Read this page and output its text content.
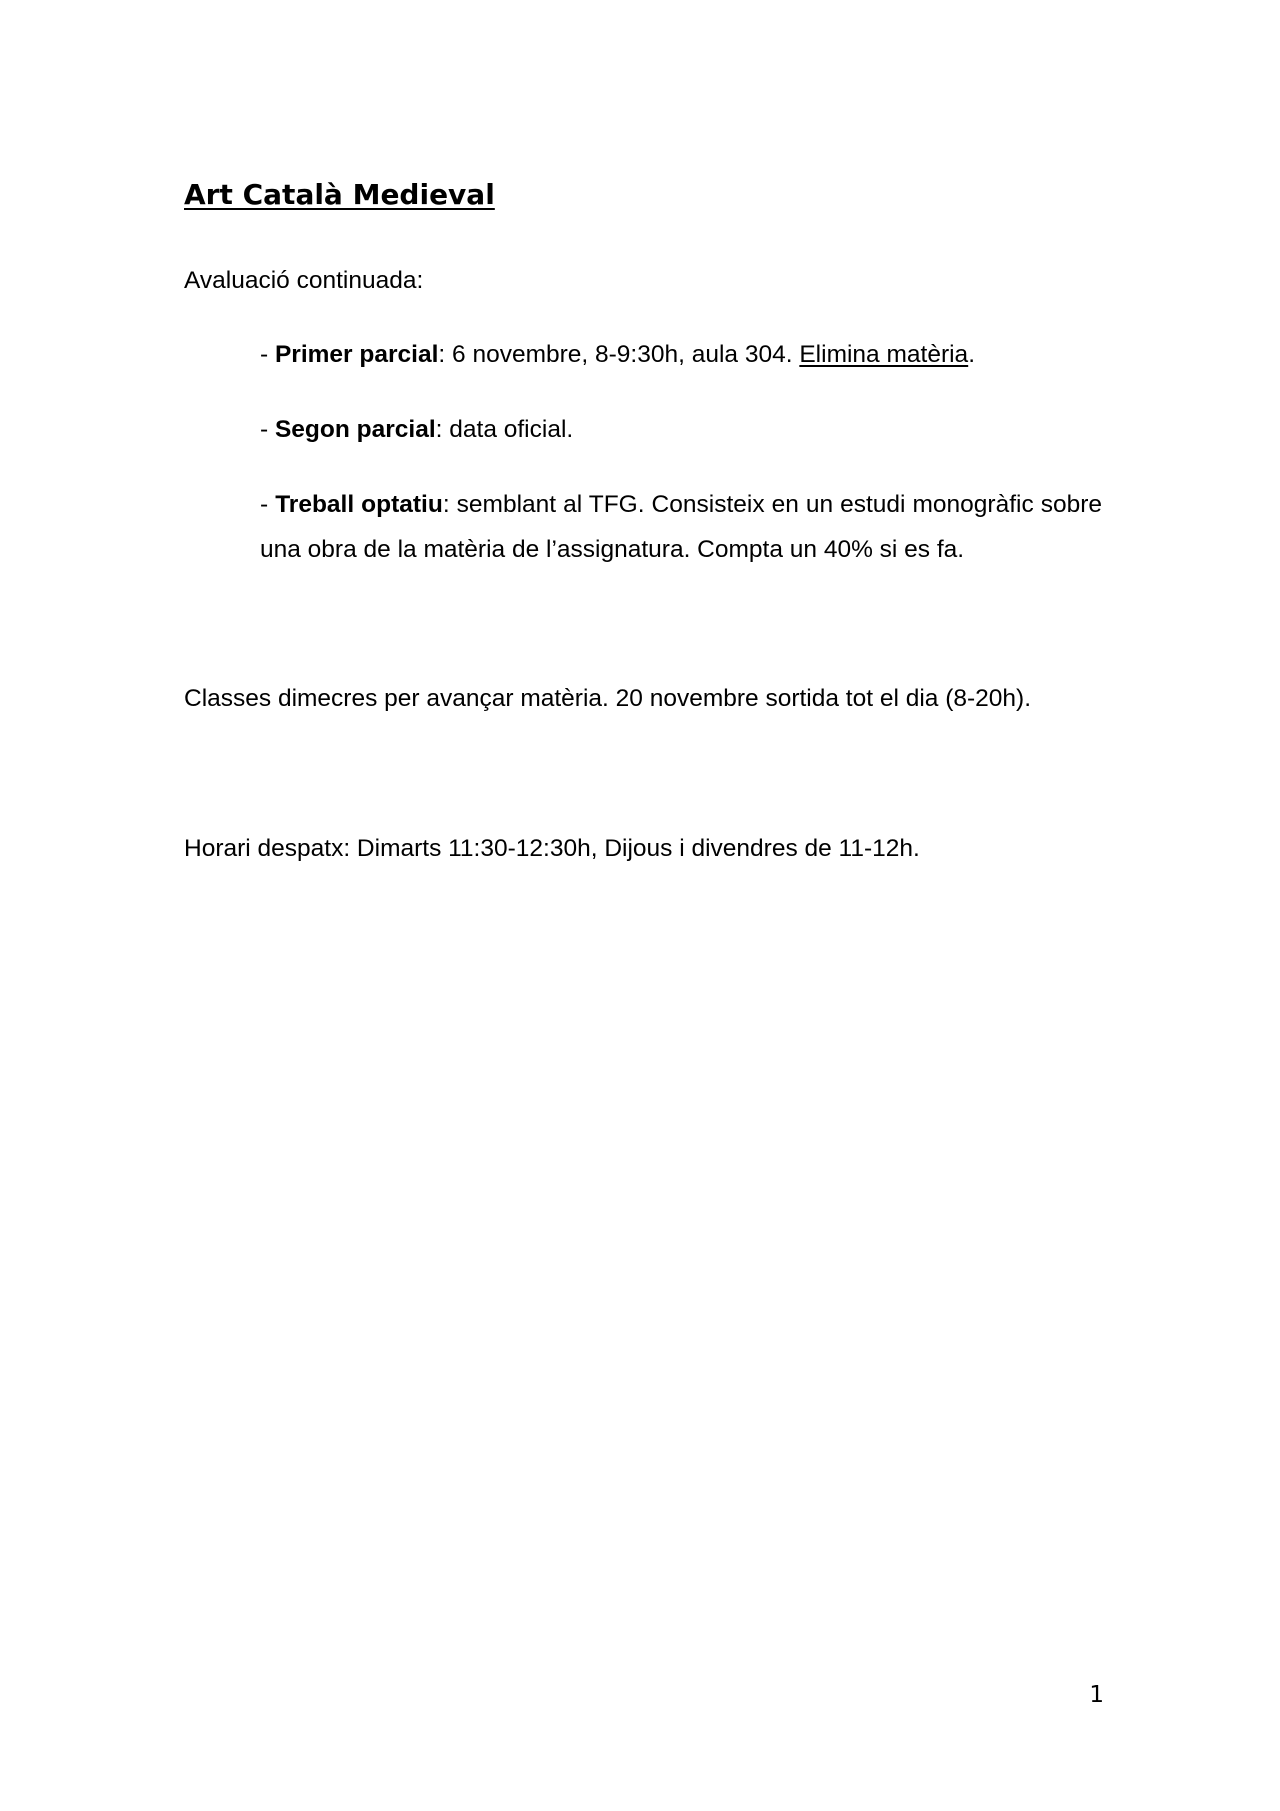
Art Català Medieval

Avaluació continuada:

- Primer parcial: 6 novembre, 8-9:30h, aula 304. Elimina matèria.

- Segon parcial: data oficial.

- Treball optatiu: semblant al TFG. Consisteix en un estudi monogràfic sobre una obra de la matèria de l’assignatura. Compta un 40% si es fa.

Classes dimecres per avançar matèria. 20 novembre sortida tot el dia (8-20h).

Horari despatx: Dimarts 11:30-12:30h, Dijous i divendres de 11-12h.

1
